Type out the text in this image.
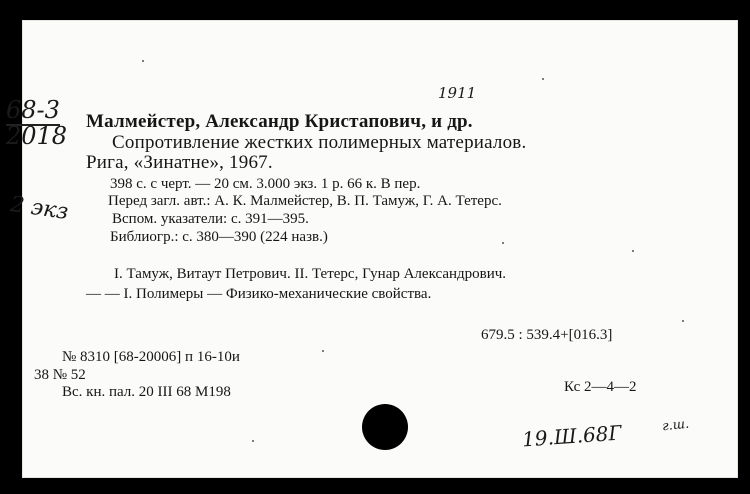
68-3
2018
2 экз
1911
Малмейстер, Александр Кристапович, и др.
Сопротивление жестких полимерных материалов.
Рига, «Зинатне», 1967.
398 с. с черт. — 20 см. 3.000 экз. 1 р. 66 к. В пер.
Перед загл. авт.: А. К. Малмейстер, В. П. Тамуж, Г. А. Тетерс.
Вспом. указатели: с. 391—395.
Библиогр.: с. 380—390 (224 назв.)
I. Тамуж, Витаут Петрович. II. Тетерс, Гунар Александрович.
— — I. Полимеры — Физико-механические свойства.
679.5 : 539.4+[016.3]
№ 8310 [68-20006] п 16-10и
38 № 52
Вс. кн. пал. 20 III 68 М198	Кс 2—4—2
19.Ш.68Г	г.ш.
